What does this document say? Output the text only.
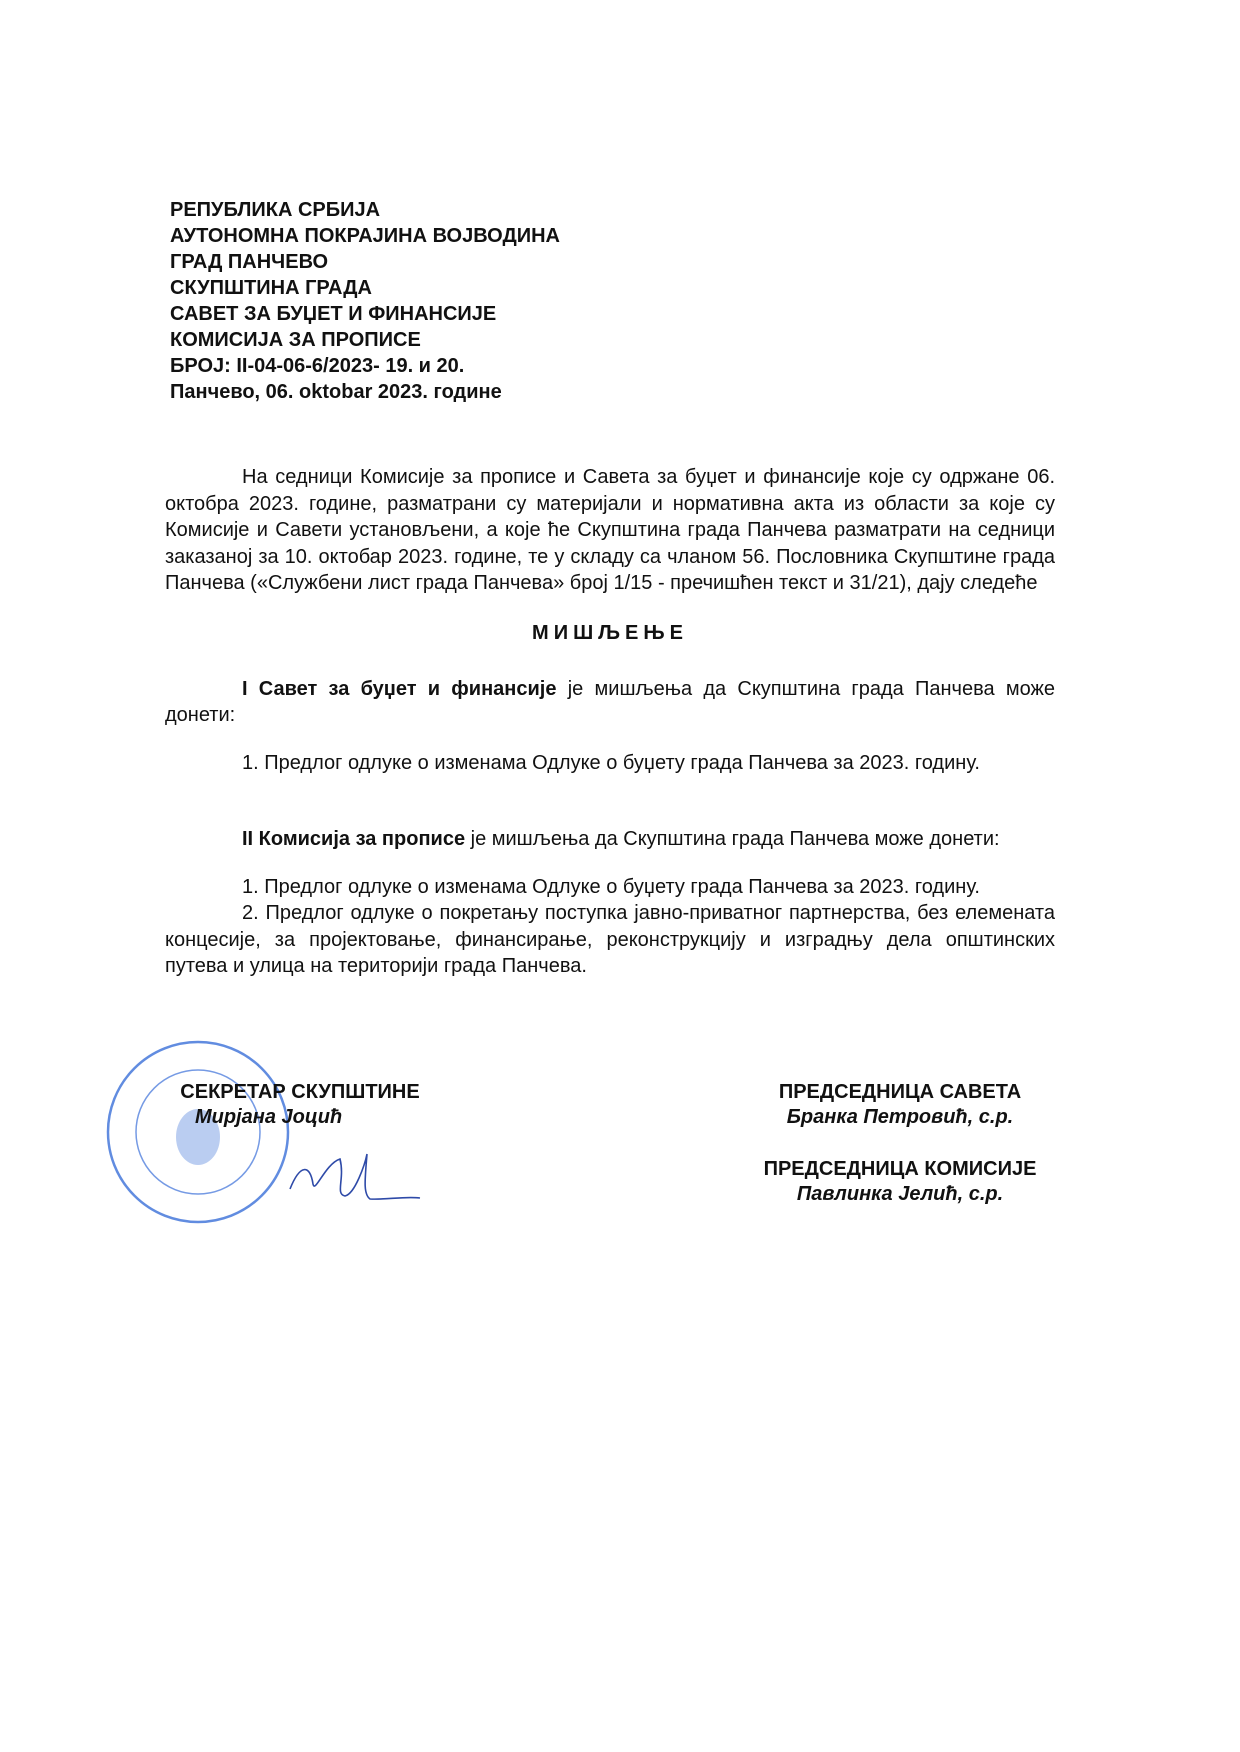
РЕПУБЛИКА СРБИЈА
АУТОНОМНА ПОКРАЈИНА ВОЈВОДИНА
ГРАД ПАНЧЕВО
СКУПШТИНА ГРАДА
САВЕТ ЗА БУЏЕТ И ФИНАНСИЈЕ
КОМИСИЈА ЗА ПРОПИСЕ
БРОЈ: II-04-06-6/2023- 19. и 20.
Панчево, 06. oktobar 2023. године
На седници Комисије за прописе и Савета за буџет и финансије које су одржане 06. октобра 2023. године, разматрани су материјали и нормативна акта из области за које су Комисије и Савети установљени, а које ће Скупштина града Панчева разматрати на седници заказаној за 10. октобар 2023. године, те у складу са чланом 56. Пословника Скупштине града Панчева («Службени лист града Панчева» број 1/15 - пречишћен текст и 31/21), дају следеће
МИШЉЕЊЕ
I Савет за буџет и финансије је мишљења да Скупштина града Панчева може донети:
1. Предлог одлуке о изменама Одлуке о буџету града Панчева за 2023. годину.
II Комисија за прописе је мишљења да Скупштина града Панчева може донети:
1. Предлог одлуке о изменама Одлуке о буџету града Панчева за 2023. годину.
2. Предлог одлуке о покретању поступка јавно-приватног партнерства, без елемената концесије, за пројектовање, финансирање, реконструкцију и изградњу дела општинских путева и улица на територији града Панчева.
СЕКРЕТАР СКУПШТИНЕ
Мирјана Јоцић
ПРЕДСЕДНИЦА САВЕТА
Бранка Петровић, с.р.
ПРЕДСЕДНИЦА КОМИСИЈЕ
Павлинка Јелић, с.р.
